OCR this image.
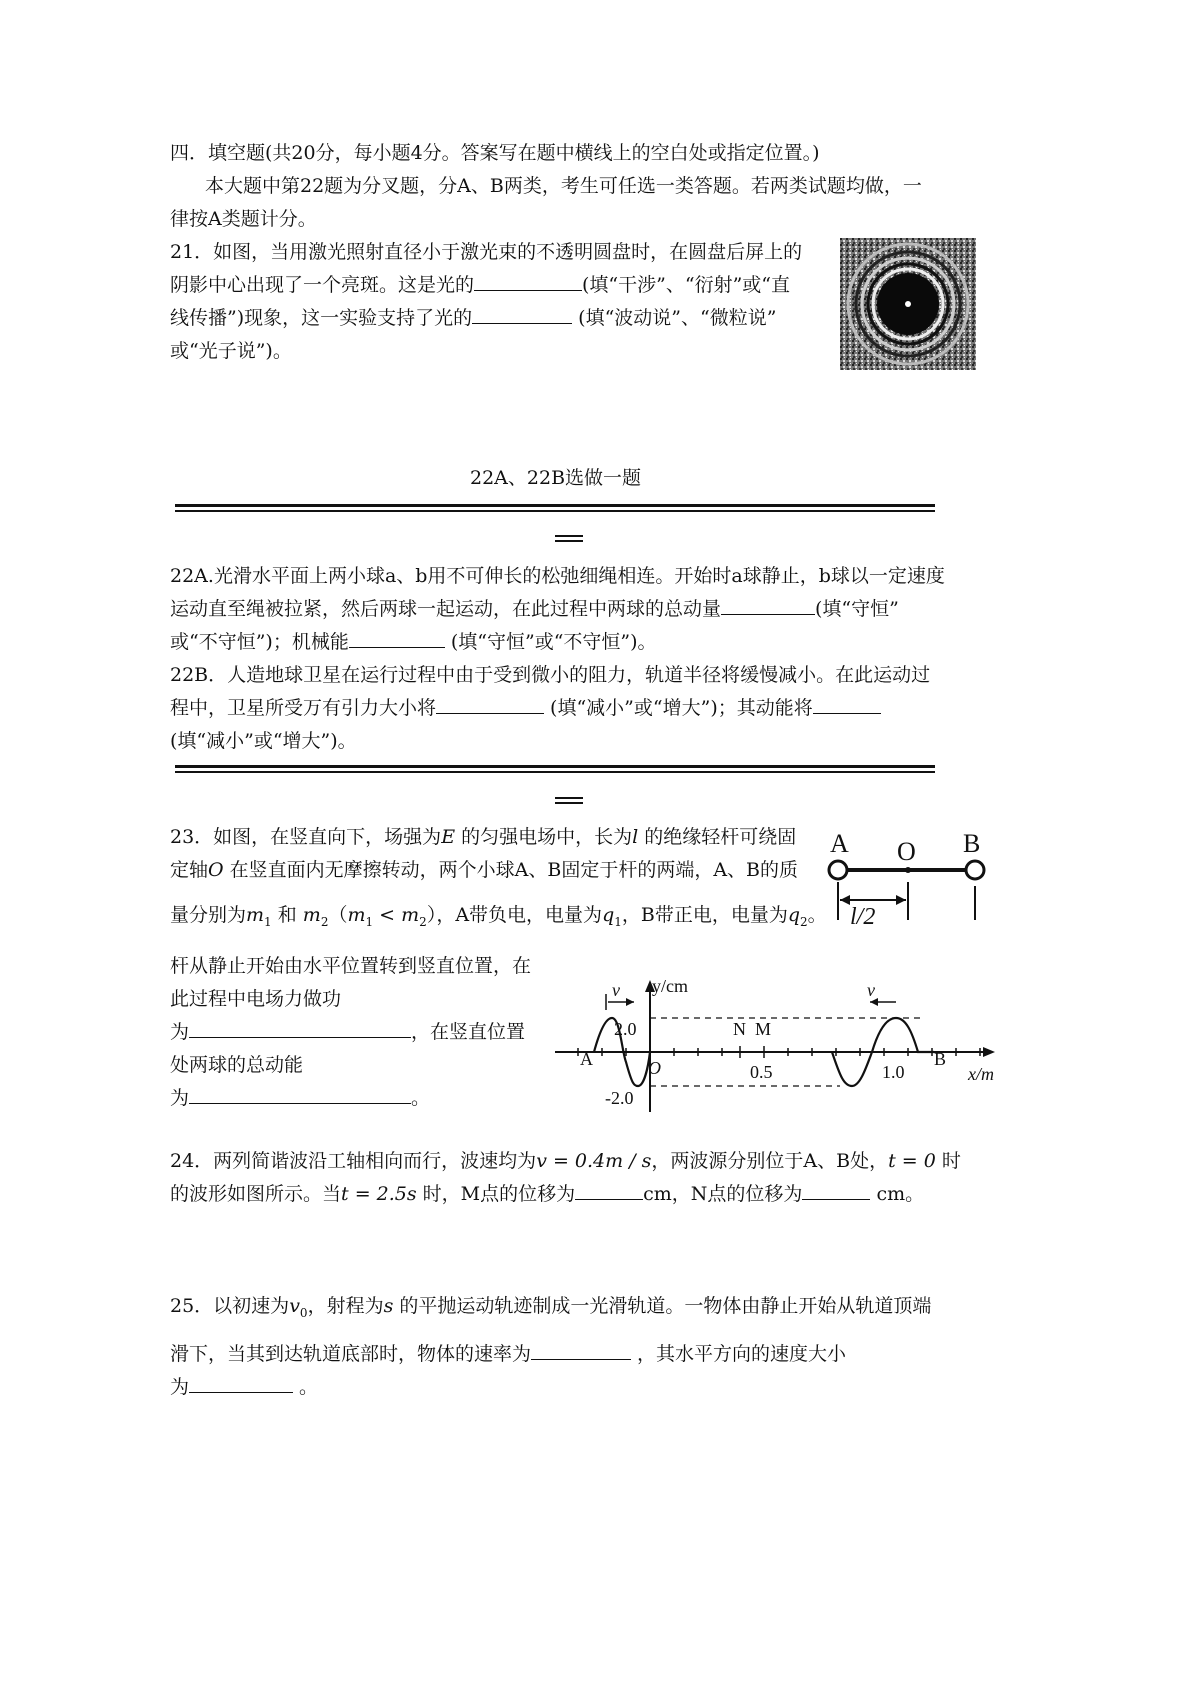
四．填空题(共20分，每小题4分。答案写在题中横线上的空白处或指定位置。)
本大题中第22题为分叉题，分A、B两类，考生可任选一类答题。若两类试题均做，一
律按A类题计分。
21．如图，当用激光照射直径小于激光束的不透明圆盘时，在圆盘后屏上的
阴影中心出现了一个亮斑。这是光的	(填“干涉”、“衍射”或“直
线传播”)现象，这一实验支持了光的	(填“波动说”、“微粒说”
或“光子说”)。
22A、22B选做一题
22A.光滑水平面上两小球a、b用不可伸长的松弛细绳相连。开始时a球静止，b球以一定速度
运动直至绳被拉紧，然后两球一起运动，在此过程中两球的总动量	(填“守恒”
或“不守恒”)；机械能	(填“守恒”或“不守恒”)。
22B．人造地球卫星在运行过程中由于受到微小的阻力，轨道半径将缓慢减小。在此运动过
程中，卫星所受万有引力大小将	(填“减小”或“增大”)；其动能将
(填“减小”或“增大”)。
23．如图，在竖直向下，场强为E 的匀强电场中，长为l 的绝缘轻杆可绕固
定轴O 在竖直面内无摩擦转动，两个小球A、B固定于杆的两端，A、B的质
量分别为$m_1$ 和 $m_2(m_1 < m_2)$，A带负电，电量为$q_1$，B带正电，电量为$q_2$。
A O B
l/2
杆从静止开始由水平位置转到竖直位置，在
此过程中电场力做功
为	，在竖直位置
处两球的总动能
为	。
v	v
y/cm
2.0
-2.0
A	B
N M
O	0.5	1.0	x/m
24．两列简谐波沿工轴相向而行，波速均为v = 0.4m / s，两波源分别位于A、B处，t = 0 时
的波形如图所示。当t = 2.5s 时，M点的位移为	cm，N点的位移为	cm。
25．以初速为$v_0$，射程为s 的平抛运动轨迹制成一光滑轨道。一物体由静止开始从轨道顶端
滑下，当其到达轨道底部时，物体的速率为	，其水平方向的速度大小
为	。
